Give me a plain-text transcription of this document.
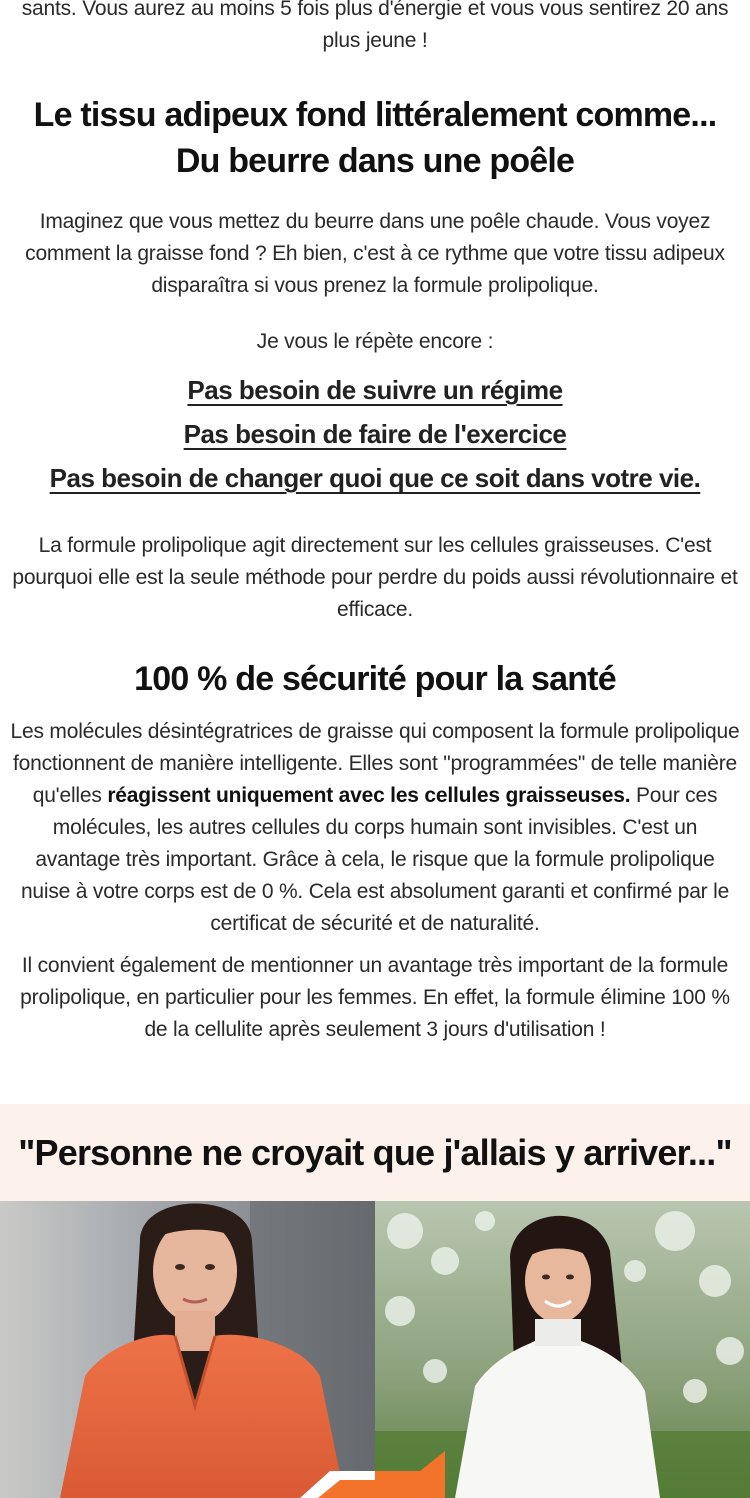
sants. Vous aurez au moins 5 fois plus d'énergie et vous vous sentirez 20 ans plus jeune !

Le tissu adipeux fond littéralement comme...
Du beurre dans une poêle

Imaginez que vous mettez du beurre dans une poêle chaude. Vous voyez comment la graisse fond ? Eh bien, c'est à ce rythme que votre tissu adipeux disparaîtra si vous prenez la formule prolipolique.

Je vous le répète encore :

Pas besoin de suivre un régime
Pas besoin de faire de l'exercice
Pas besoin de changer quoi que ce soit dans votre vie.

La formule prolipolique agit directement sur les cellules graisseuses. C'est pourquoi elle est la seule méthode pour perdre du poids aussi révolutionnaire et efficace.

100 % de sécurité pour la santé

Les molécules désintégratrices de graisse qui composent la formule prolipolique fonctionnent de manière intelligente. Elles sont "programmées" de telle manière qu'elles réagissent uniquement avec les cellules graisseuses. Pour ces molécules, les autres cellules du corps humain sont invisibles. C'est un avantage très important. Grâce à cela, le risque que la formule prolipolique nuise à votre corps est de 0 %. Cela est absolument garanti et confirmé par le certificat de sécurité et de naturalité.

Il convient également de mentionner un avantage très important de la formule prolipolique, en particulier pour les femmes. En effet, la formule élimine 100 % de la cellulite après seulement 3 jours d'utilisation !

"Personne ne croyait que j'allais y arriver..."
